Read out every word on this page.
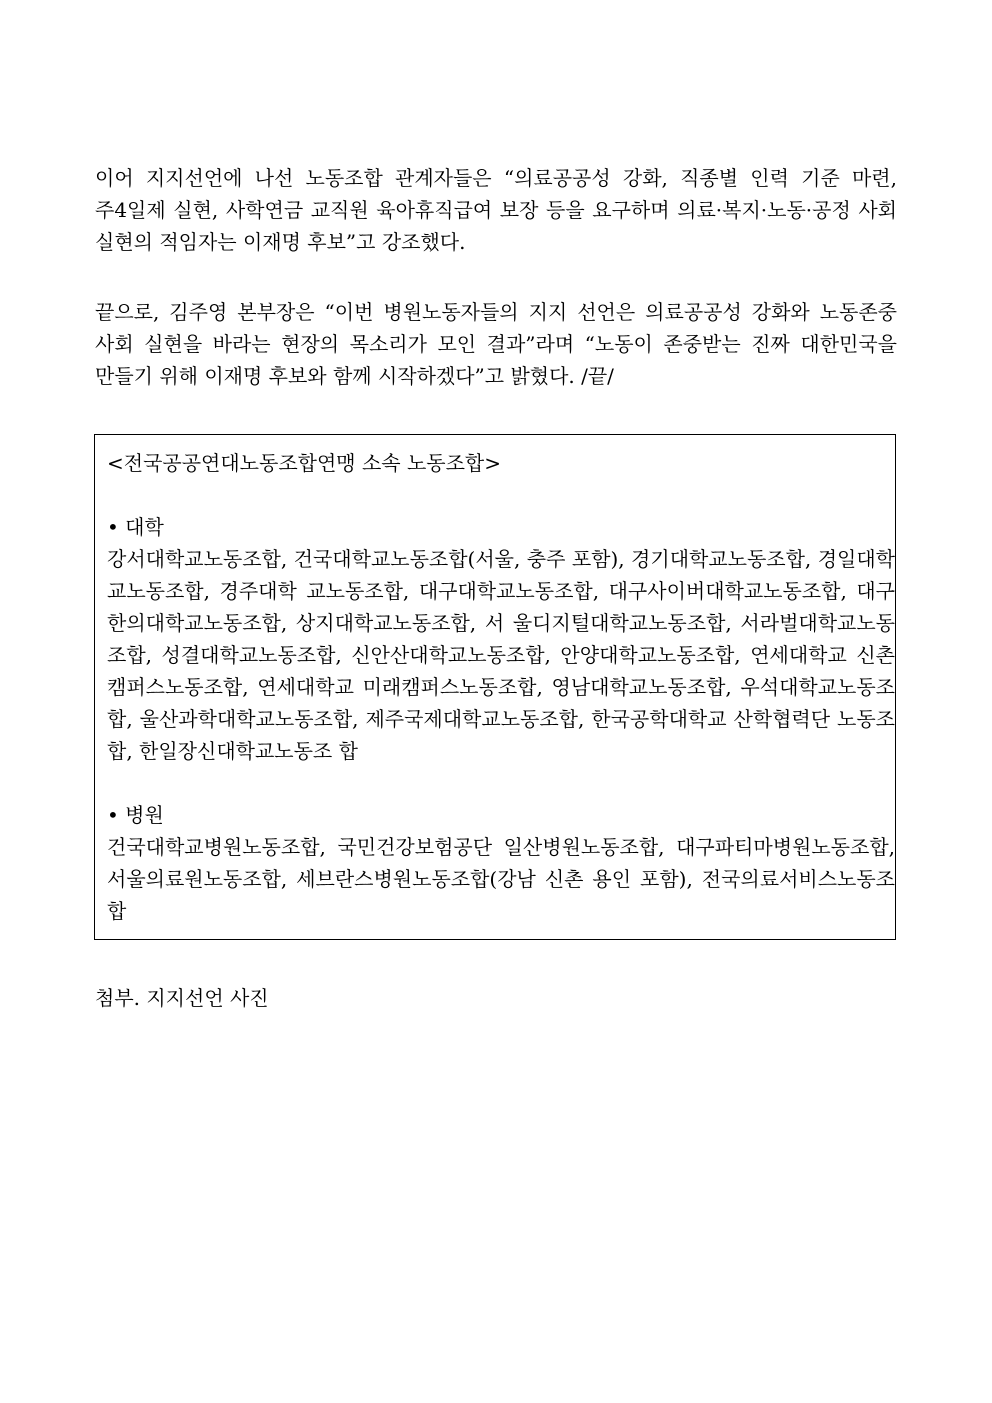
이어 지지선언에 나선 노동조합 관계자들은 “의료공공성 강화, 직종별 인력 기준 마련, 주4일제 실현, 사학연금 교직원 육아휴직급여 보장 등을 요구하며 의료·복지·노동·공정 사회 실현의 적임자는 이재명 후보”고 강조했다.

끝으로, 김주영 본부장은 “이번 병원노동자들의 지지 선언은 의료공공성 강화와 노동존중 사회 실현을 바라는 현장의 목소리가 모인 결과”라며 “노동이 존중받는 진짜 대한민국을 만들기 위해 이재명 후보와 함께 시작하겠다”고 밝혔다. /끝/

<전국공공연대노동조합연맹 소속 노동조합>
• 대학

강서대학교노동조합, 건국대학교노동조합(서울, 충주 포함), 경기대학교노동조합, 경일대학교노동조합, 경주대학 교노동조합, 대구대학교노동조합, 대구사이버대학교노동조합, 대구한의대학교노동조합, 상지대학교노동조합, 서 울디지털대학교노동조합, 서라벌대학교노동조합, 성결대학교노동조합, 신안산대학교노동조합, 안양대학교노동조합, 연세대학교 신촌캠퍼스노동조합, 연세대학교 미래캠퍼스노동조합, 영남대학교노동조합, 우석대학교노동조합, 울산과학대학교노동조합, 제주국제대학교노동조합, 한국공학대학교 산학협력단 노동조합, 한일장신대학교노동조 합

• 병원

건국대학교병원노동조합, 국민건강보험공단 일산병원노동조합, 대구파티마병원노동조합, 서울의료원노동조합, 세브란스병원노동조합(강남 신촌 용인 포함), 전국의료서비스노동조합

첨부. 지지선언 사진
